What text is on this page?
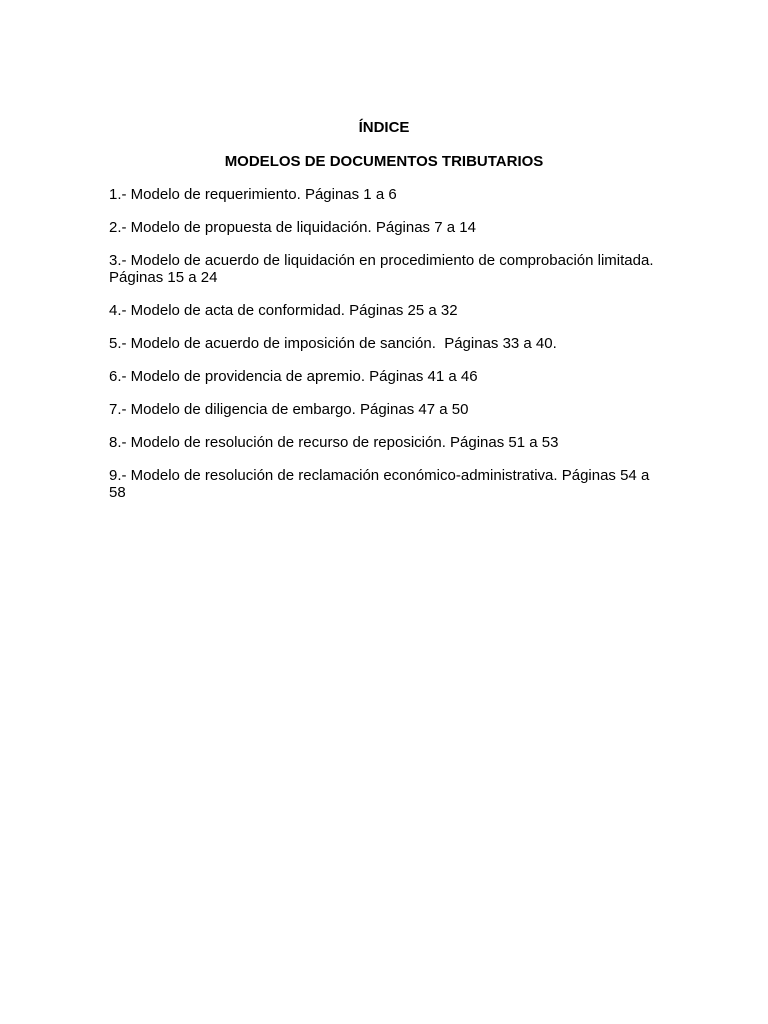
ÍNDICE
MODELOS DE DOCUMENTOS TRIBUTARIOS
1.- Modelo de requerimiento. Páginas 1 a 6
2.- Modelo de propuesta de liquidación. Páginas 7 a 14
3.- Modelo de acuerdo de liquidación en procedimiento de comprobación limitada. Páginas 15 a 24
4.- Modelo de acta de conformidad. Páginas 25 a 32
5.- Modelo de acuerdo de imposición de sanción.  Páginas 33 a 40.
6.- Modelo de providencia de apremio. Páginas 41 a 46
7.- Modelo de diligencia de embargo. Páginas 47 a 50
8.- Modelo de resolución de recurso de reposición. Páginas 51 a 53
9.- Modelo de resolución de reclamación económico-administrativa. Páginas 54 a 58
